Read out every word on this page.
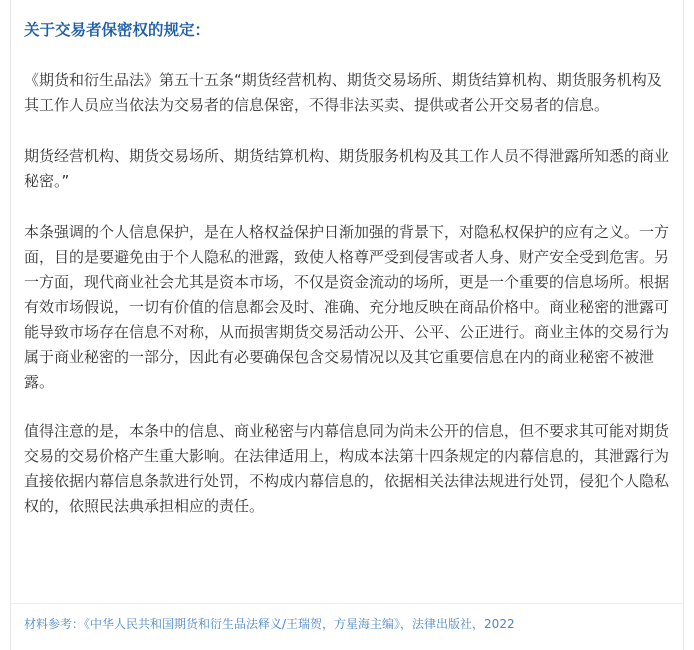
关于交易者保密权的规定：

《期货和衍生品法》第五十五条“期货经营机构、期货交易场所、期货结算机构、期货服务机构及其工作人员应当依法为交易者的信息保密，不得非法买卖、提供或者公开交易者的信息。

期货经营机构、期货交易场所、期货结算机构、期货服务机构及其工作人员不得泄露所知悉的商业秘密。”

本条强调的个人信息保护，是在人格权益保护日渐加强的背景下，对隐私权保护的应有之义。一方面，目的是要避免由于个人隐私的泄露，致使人格尊严受到侵害或者人身、财产安全受到危害。另一方面，现代商业社会尤其是资本市场，不仅是资金流动的场所，更是一个重要的信息场所。根据有效市场假说，一切有价值的信息都会及时、准确、充分地反映在商品价格中。商业秘密的泄露可能导致市场存在信息不对称，从而损害期货交易活动公开、公平、公正进行。商业主体的交易行为属于商业秘密的一部分，因此有必要确保包含交易情况以及其它重要信息在内的商业秘密不被泄露。

值得注意的是，本条中的信息、商业秘密与内幕信息同为尚未公开的信息，但不要求其可能对期货交易的交易价格产生重大影响。在法律适用上，构成本法第十四条规定的内幕信息的，其泄露行为直接依据内幕信息条款进行处罚，不构成内幕信息的，依据相关法律法规进行处罚，侵犯个人隐私权的，依照民法典承担相应的责任。

材料参考：《中华人民共和国期货和衍生品法释义/王瑞贺，方星海主编》，法律出版社，2022
